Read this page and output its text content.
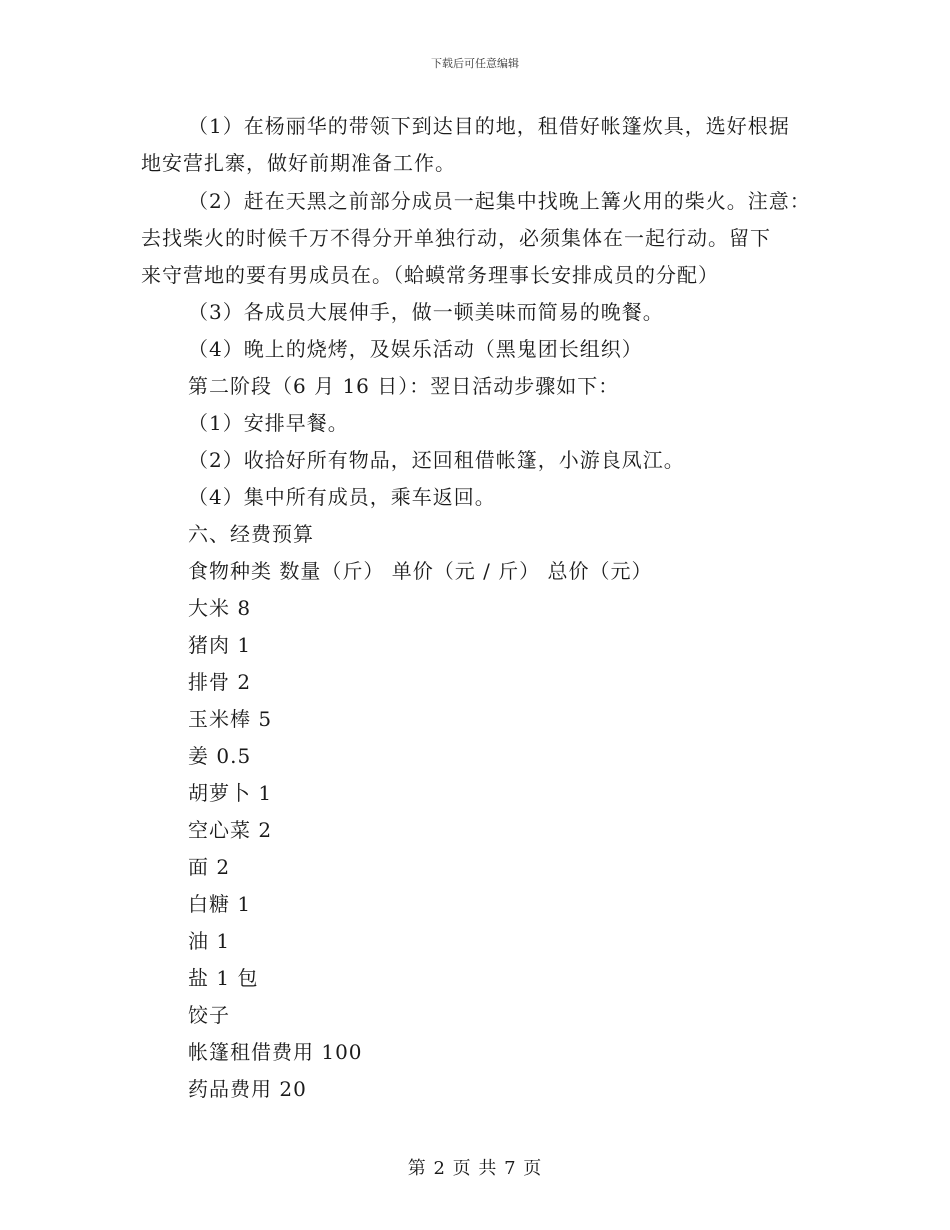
下载后可任意编辑
（1）在杨丽华的带领下到达目的地，租借好帐篷炊具，选好根据
地安营扎寨，做好前期准备工作。
（2）赶在天黑之前部分成员一起集中找晚上篝火用的柴火。注意：
去找柴火的时候千万不得分开单独行动，必须集体在一起行动。留下
来守营地的要有男成员在。（蛤蟆常务理事长安排成员的分配）
（3）各成员大展伸手，做一顿美味而简易的晚餐。
（4）晚上的烧烤，及娱乐活动（黑鬼团长组织）
第二阶段（6 月 16 日）：翌日活动步骤如下：
（1）安排早餐。
（2）收拾好所有物品，还回租借帐篷，小游良凤江。
（4）集中所有成员，乘车返回。
六、经费预算
食物种类 数量（斤） 单价（元 / 斤） 总价（元）
大米 8
猪肉 1
排骨 2
玉米棒 5
姜 0.5
胡萝卜 1
空心菜 2
面 2
白糖 1
油 1
盐 1 包
饺子
帐篷租借费用 100
药品费用 20
第 2 页 共 7 页
